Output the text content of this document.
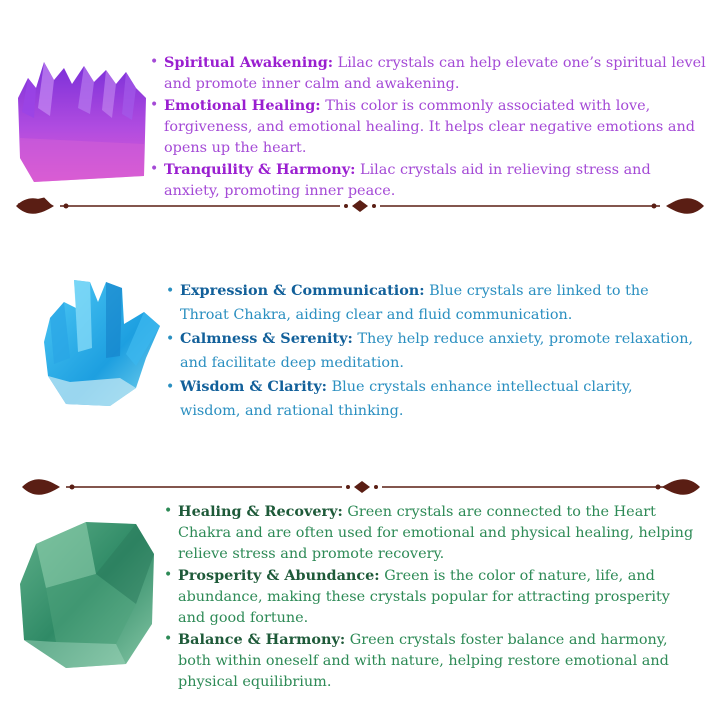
• Spiritual Awakening: Lilac crystals can help elevate one’s spiritual level and promote inner calm and awakening.
• Emotional Healing: This color is commonly associated with love, forgiveness, and emotional healing. It helps clear negative emotions and opens up the heart.
• Tranquility & Harmony: Lilac crystals aid in relieving stress and anxiety, promoting inner peace.
• Expression & Communication: Blue crystals are linked to the Throat Chakra, aiding clear and fluid communication.
• Calmness & Serenity: They help reduce anxiety, promote relaxation, and facilitate deep meditation.
• Wisdom & Clarity: Blue crystals enhance intellectual clarity, wisdom, and rational thinking.
• Healing & Recovery: Green crystals are connected to the Heart Chakra and are often used for emotional and physical healing, helping relieve stress and promote recovery.
• Prosperity & Abundance: Green is the color of nature, life, and abundance, making these crystals popular for attracting prosperity and good fortune.
• Balance & Harmony: Green crystals foster balance and harmony, both within oneself and with nature, helping restore emotional and physical equilibrium.
